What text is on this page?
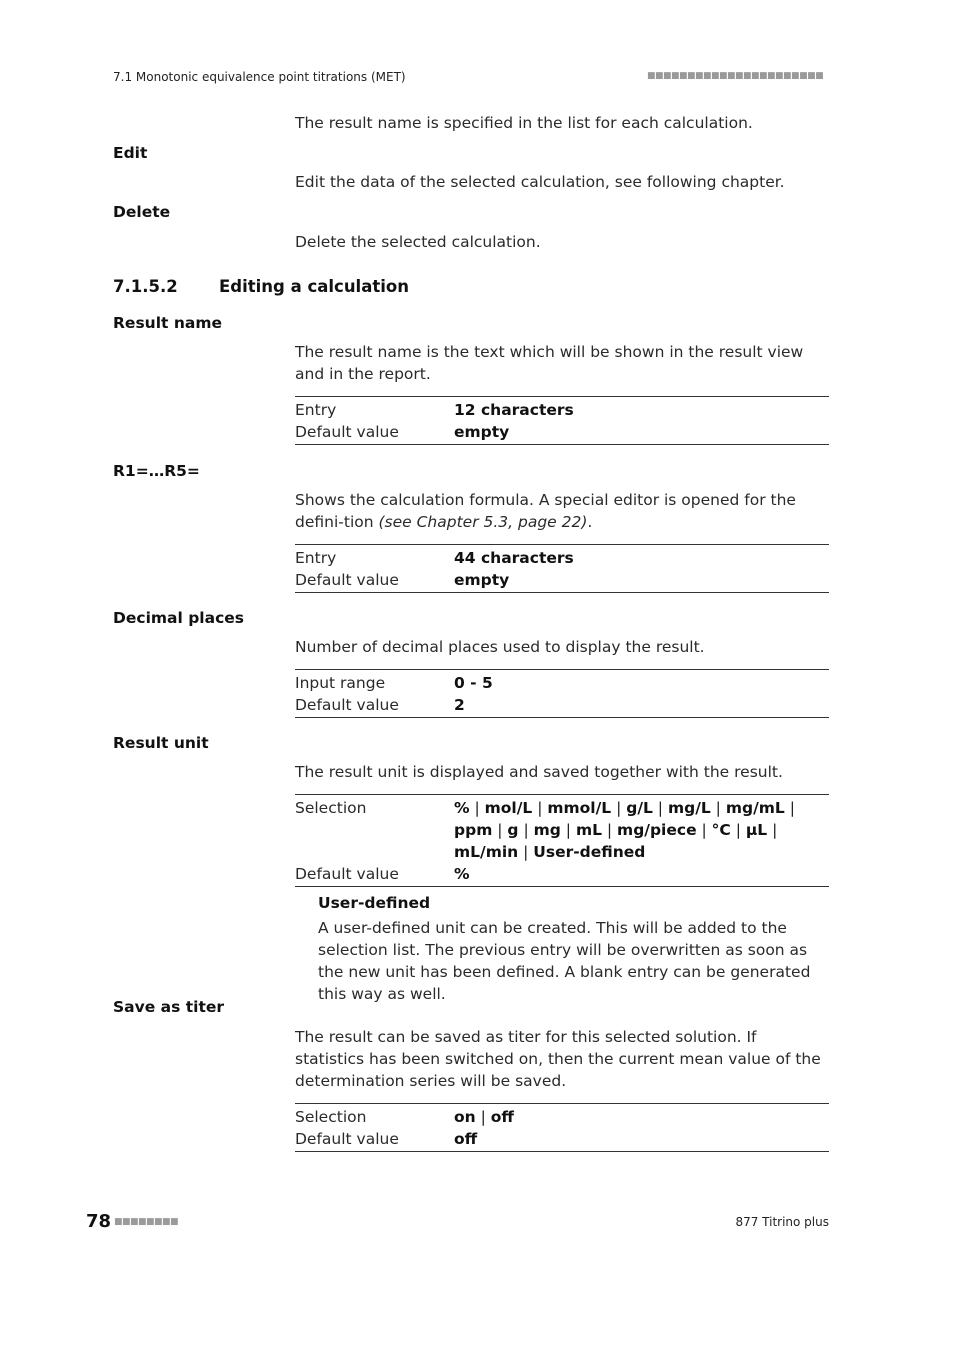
7.1 Monotonic equivalence point titrations (MET)	■■■■■■■■■■■■■■■■■■■■■■
The result name is specified in the list for each calculation.
Edit
Edit the data of the selected calculation, see following chapter.
Delete
Delete the selected calculation.
7.1.5.2	Editing a calculation
Result name
The result name is the text which will be shown in the result view and in the report.
Entry	12 characters
Default value	empty
R1=…R5=
Shows the calculation formula. A special editor is opened for the defini-tion (see Chapter 5.3, page 22).
Entry	44 characters
Default value	empty
Decimal places
Number of decimal places used to display the result.
Input range	0 - 5
Default value	2
Result unit
The result unit is displayed and saved together with the result.
Selection	% | mol/L | mmol/L | g/L | mg/L | mg/mL | ppm | g | mg | mL | mg/piece | °C | µL | mL/min | User-defined
Default value	%
User-defined
A user-defined unit can be created. This will be added to the selection list. The previous entry will be overwritten as soon as the new unit has been defined. A blank entry can be generated this way as well.
Save as titer
The result can be saved as titer for this selected solution. If statistics has been switched on, then the current mean value of the determination series will be saved.
Selection	on | off
Default value	off
78 ■■■■■■■■	877 Titrino plus
